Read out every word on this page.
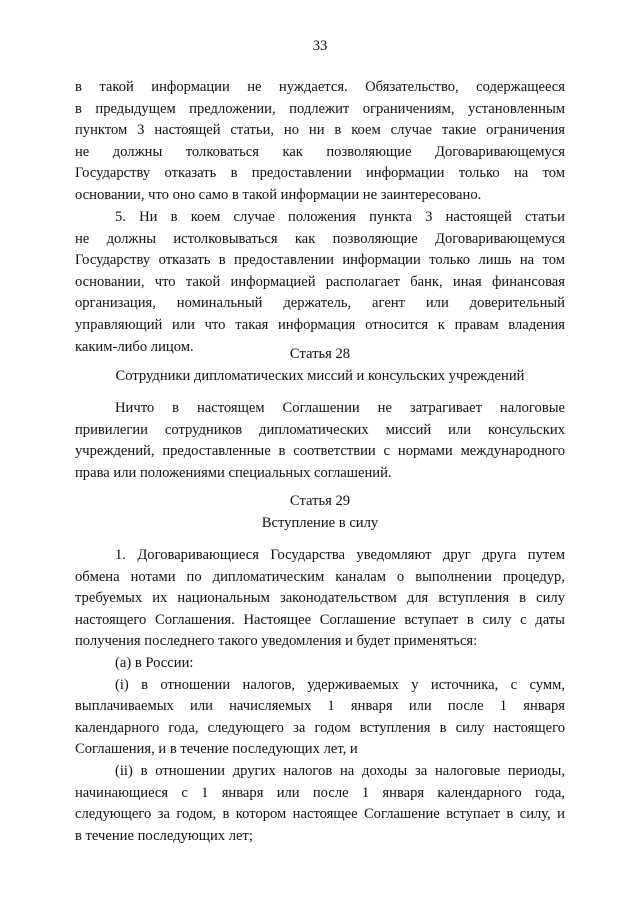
33
в такой информации не нуждается. Обязательство, содержащееся
в предыдущем предложении, подлежит ограничениям, установленным
пунктом 3 настоящей статьи, но ни в коем случае такие ограничения
не должны толковаться как позволяющие Договаривающемуся
Государству отказать в предоставлении информации только на том
основании, что оно само в такой информации не заинтересовано.
5. Ни в коем случае положения пункта 3 настоящей статьи
не должны истолковываться как позволяющие Договаривающемуся
Государству отказать в предоставлении информации только лишь на том
основании, что такой информацией располагает банк, иная финансовая
организация, номинальный держатель, агент или доверительный
управляющий или что такая информация относится к правам владения
каким-либо лицом.	Статья 28
Сотрудники дипломатических миссий и консульских учреждений
Ничто в настоящем Соглашении не затрагивает налоговые
привилегии сотрудников дипломатических миссий или консульских
учреждений, предоставленные в соответствии с нормами международного
права или положениями специальных соглашений.
Статья 29
Вступление в силу
1. Договаривающиеся Государства уведомляют друг друга путем
обмена нотами по дипломатическим каналам о выполнении процедур,
требуемых их национальным законодательством для вступления в силу
настоящего Соглашения. Настоящее Соглашение вступает в силу с даты
получения последнего такого уведомления и будет применяться:
(a) в России:
(i) в отношении налогов, удерживаемых у источника, с сумм,
выплачиваемых или начисляемых 1 января или после 1 января
календарного года, следующего за годом вступления в силу настоящего
Соглашения, и в течение последующих лет, и
(ii) в отношении других налогов на доходы за налоговые периоды,
начинающиеся с 1 января или после 1 января календарного года,
следующего за годом, в котором настоящее Соглашение вступает в силу, и
в течение последующих лет;
